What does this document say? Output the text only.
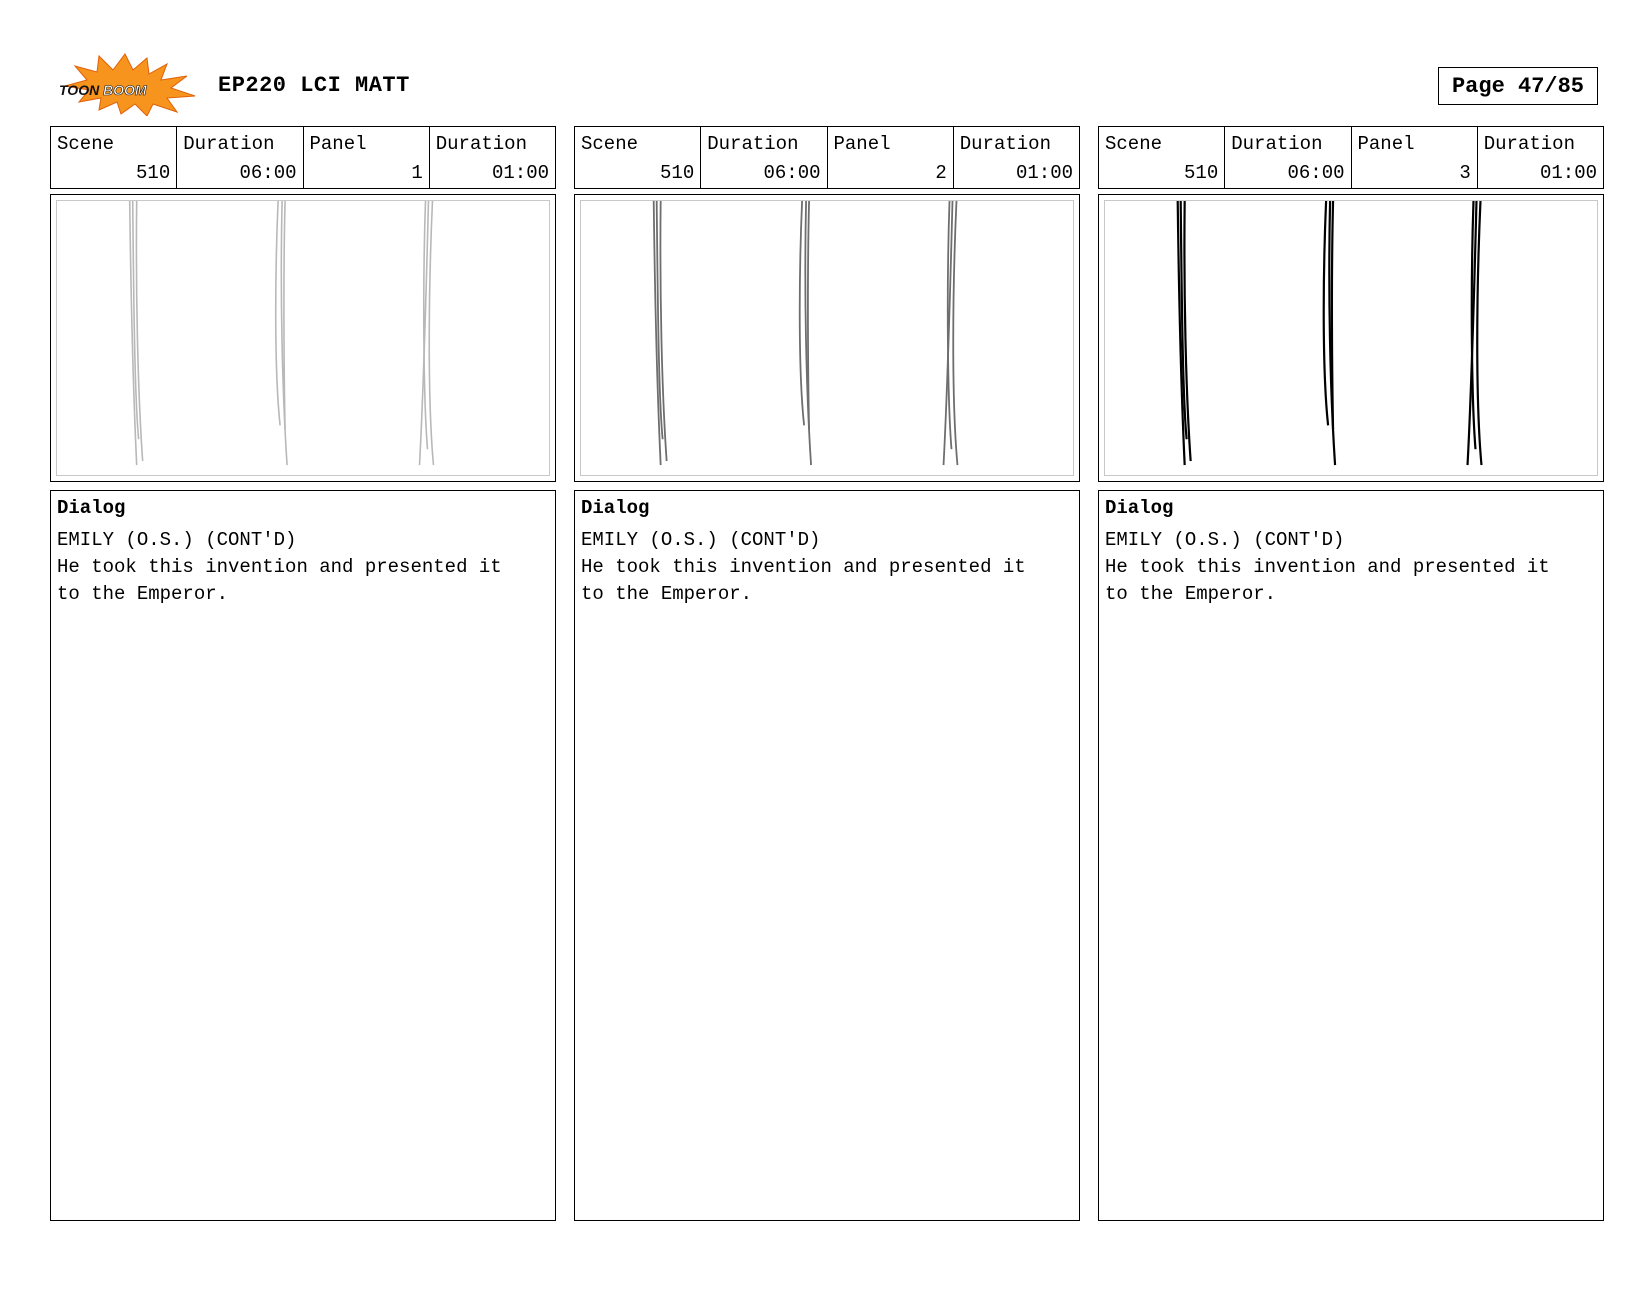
TOON BOOM	EP220 LCI MATT	Page 47/85
Scene
510
Duration
06:00
Panel
1
Duration
01:00
Dialog
EMILY (O.S.) (CONT'D)
He took this invention and presented it
to the Emperor.
Scene
510
Duration
06:00
Panel
2
Duration
01:00
Dialog
EMILY (O.S.) (CONT'D)
He took this invention and presented it
to the Emperor.
Scene
510
Duration
06:00
Panel
3
Duration
01:00
Dialog
EMILY (O.S.) (CONT'D)
He took this invention and presented it
to the Emperor.
